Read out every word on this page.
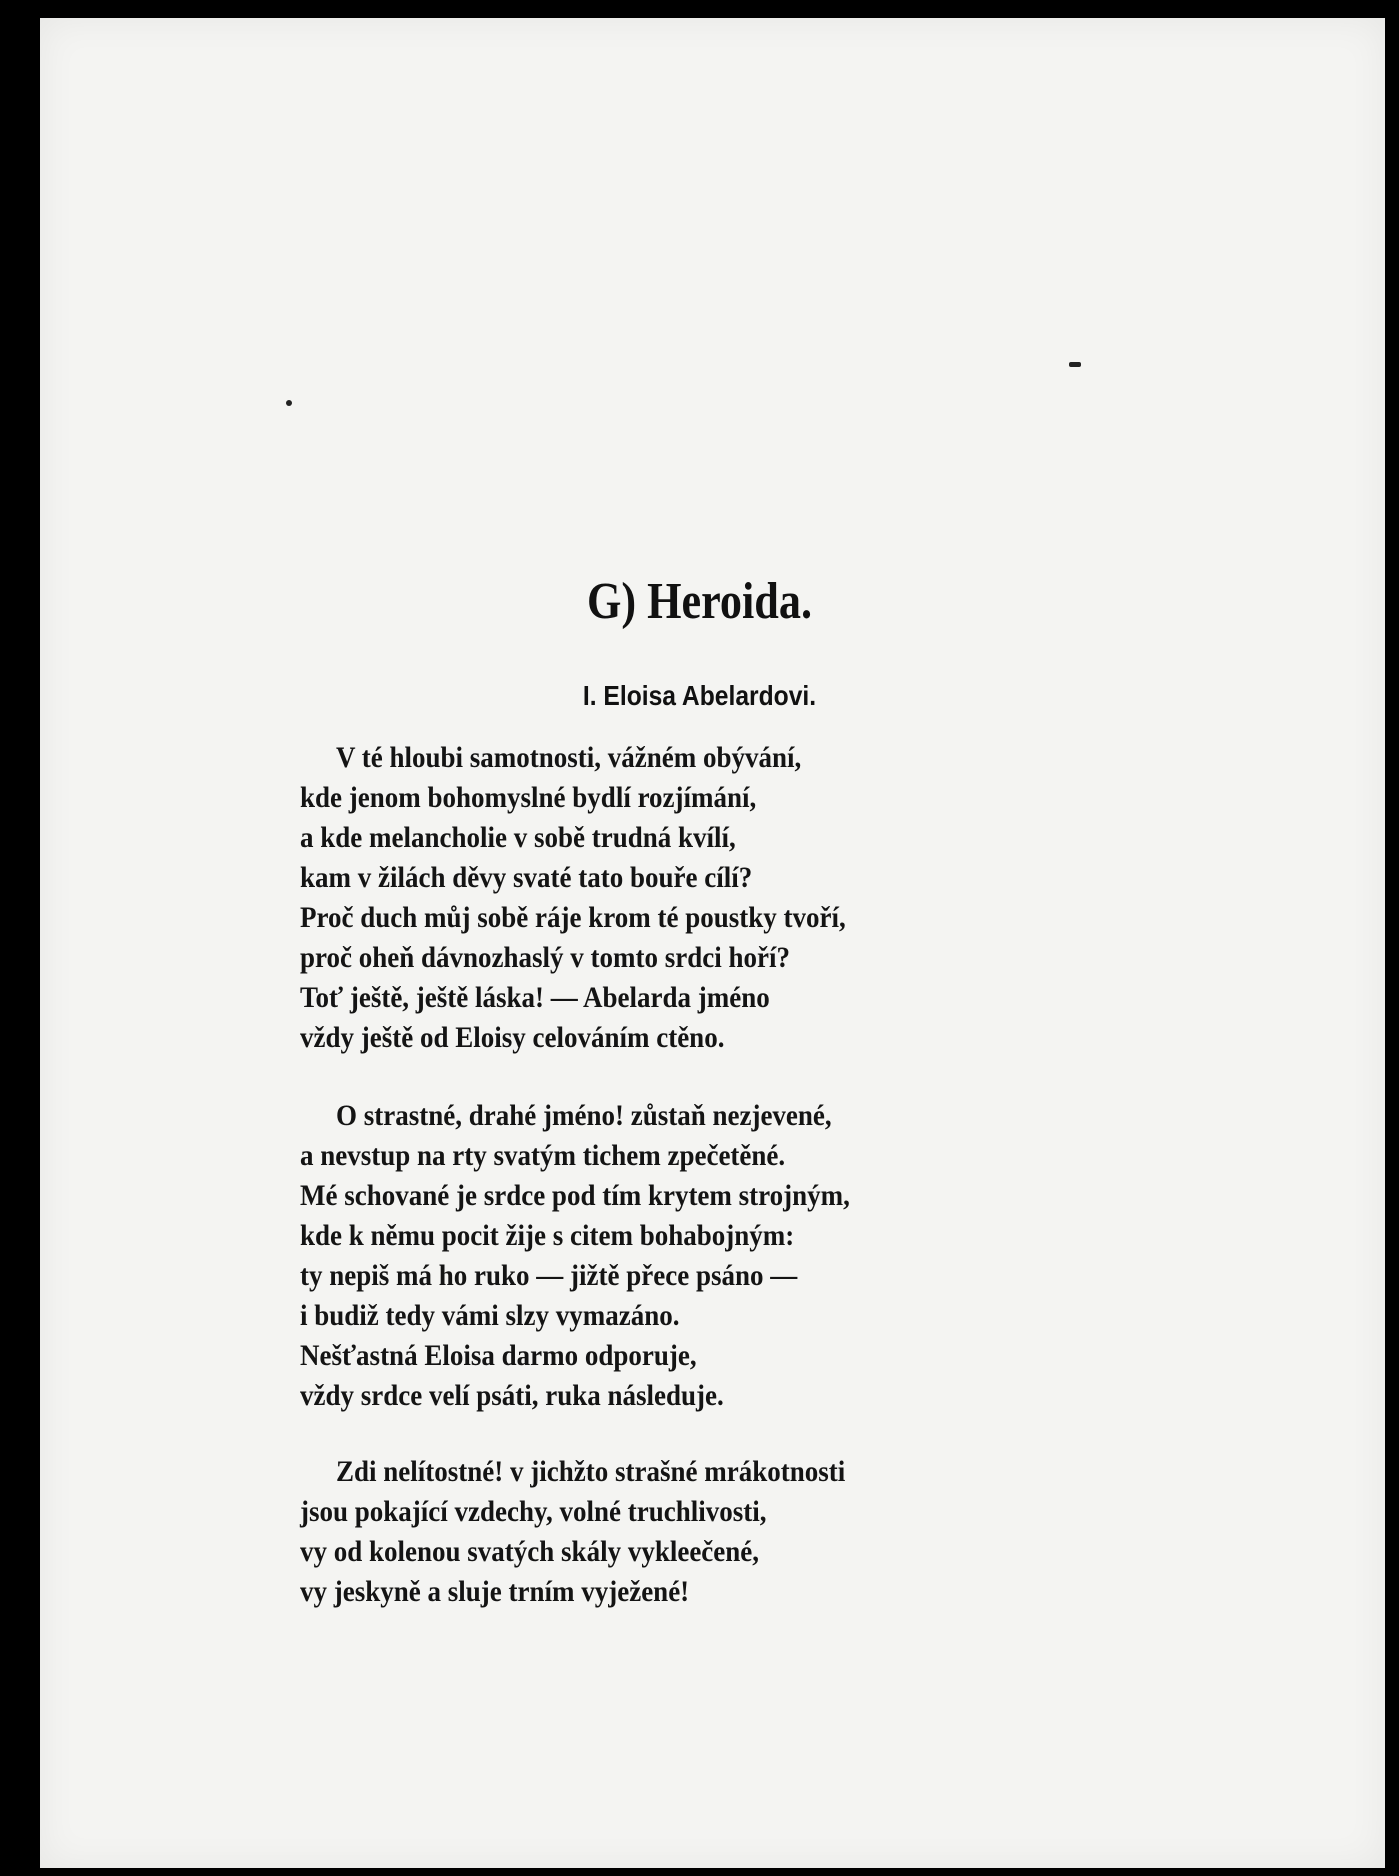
G) Heroida.
I. Eloisa Abelardovi.
V té hloubi samotnosti, vážném obývání,
kde jenom bohomyslné bydlí rozjímání,
a kde melancholie v sobě trudná kvílí,
kam v žilách děvy svaté tato bouře cílí?
Proč duch můj sobě ráje krom té poustky tvoří,
proč oheň dávnozhaslý v tomto srdci hoří?
Toť ještě, ještě láska! — Abelarda jméno
vždy ještě od Eloisy celováním ctěno.
O strastné, drahé jméno! zůstaň nezjevené,
a nevstup na rty svatým tichem zpečetěné.
Mé schované je srdce pod tím krytem strojným,
kde k němu pocit žije s citem bohabojným:
ty nepiš má ho ruko — jižtě přece psáno —
i budiž tedy vámi slzy vymazáno.
Nešťastná Eloisa darmo odporuje,
vždy srdce velí psáti, ruka následuje.
Zdi nelítostné! v jichžto strašné mrákotnosti
jsou pokající vzdechy, volné truchlivosti,
vy od kolenou svatých skály vykleečené,
vy jeskyně a sluje trním vyježené!
